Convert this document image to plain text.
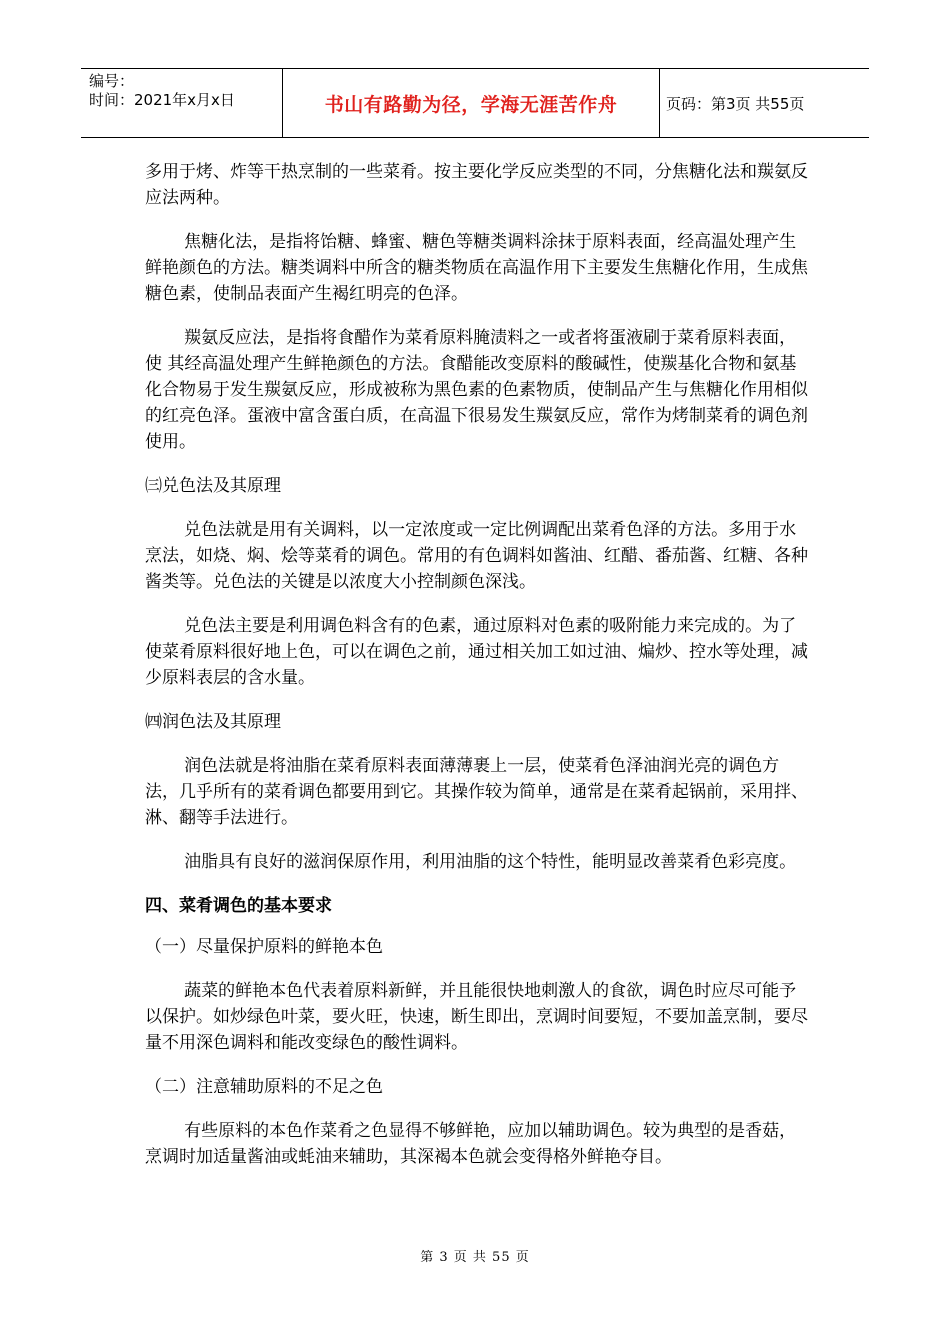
编号：
时间：2021年x月x日	书山有路勤为径，学海无涯苦作舟	页码：第3页 共55页

多用于烤、炸等干热烹制的一些菜肴。按主要化学反应类型的不同，分焦糖化法和羰氨反应法两种。

焦糖化法，是指将饴糖、蜂蜜、糖色等糖类调料涂抹于原料表面，经高温处理产生鲜艳颜色的方法。糖类调料中所含的糖类物质在高温作用下主要发生焦糖化作用，生成焦糖色素，使制品表面产生褐红明亮的色泽。

羰氨反应法，是指将食醋作为菜肴原料腌渍料之一或者将蛋液刷于菜肴原料表面，使 其经高温处理产生鲜艳颜色的方法。食醋能改变原料的酸碱性，使羰基化合物和氨基化合物易于发生羰氨反应，形成被称为黑色素的色素物质，使制品产生与焦糖化作用相似的红亮色泽。蛋液中富含蛋白质，在高温下很易发生羰氨反应，常作为烤制菜肴的调色剂使用。

㈢兑色法及其原理

兑色法就是用有关调料，以一定浓度或一定比例调配出菜肴色泽的方法。多用于水烹法，如烧、焖、烩等菜肴的调色。常用的有色调料如酱油、红醋、番茄酱、红糖、各种酱类等。兑色法的关键是以浓度大小控制颜色深浅。

兑色法主要是利用调色料含有的色素，通过原料对色素的吸附能力来完成的。为了使菜肴原料很好地上色，可以在调色之前，通过相关加工如过油、煸炒、控水等处理，减少原料表层的含水量。

㈣润色法及其原理

润色法就是将油脂在菜肴原料表面薄薄裹上一层，使菜肴色泽油润光亮的调色方法，几乎所有的菜肴调色都要用到它。其操作较为简单，通常是在菜肴起锅前，采用拌、淋、翻等手法进行。

油脂具有良好的滋润保原作用，利用油脂的这个特性，能明显改善菜肴色彩亮度。

四、菜肴调色的基本要求

（一）尽量保护原料的鲜艳本色

蔬菜的鲜艳本色代表着原料新鲜，并且能很快地刺激人的食欲，调色时应尽可能予以保护。如炒绿色叶菜，要火旺，快速，断生即出，烹调时间要短，不要加盖烹制，要尽量不用深色调料和能改变绿色的酸性调料。

（二）注意辅助原料的不足之色

有些原料的本色作菜肴之色显得不够鲜艳，应加以辅助调色。较为典型的是香菇，烹调时加适量酱油或蚝油来辅助，其深褐本色就会变得格外鲜艳夺目。

第 3 页 共 55 页
